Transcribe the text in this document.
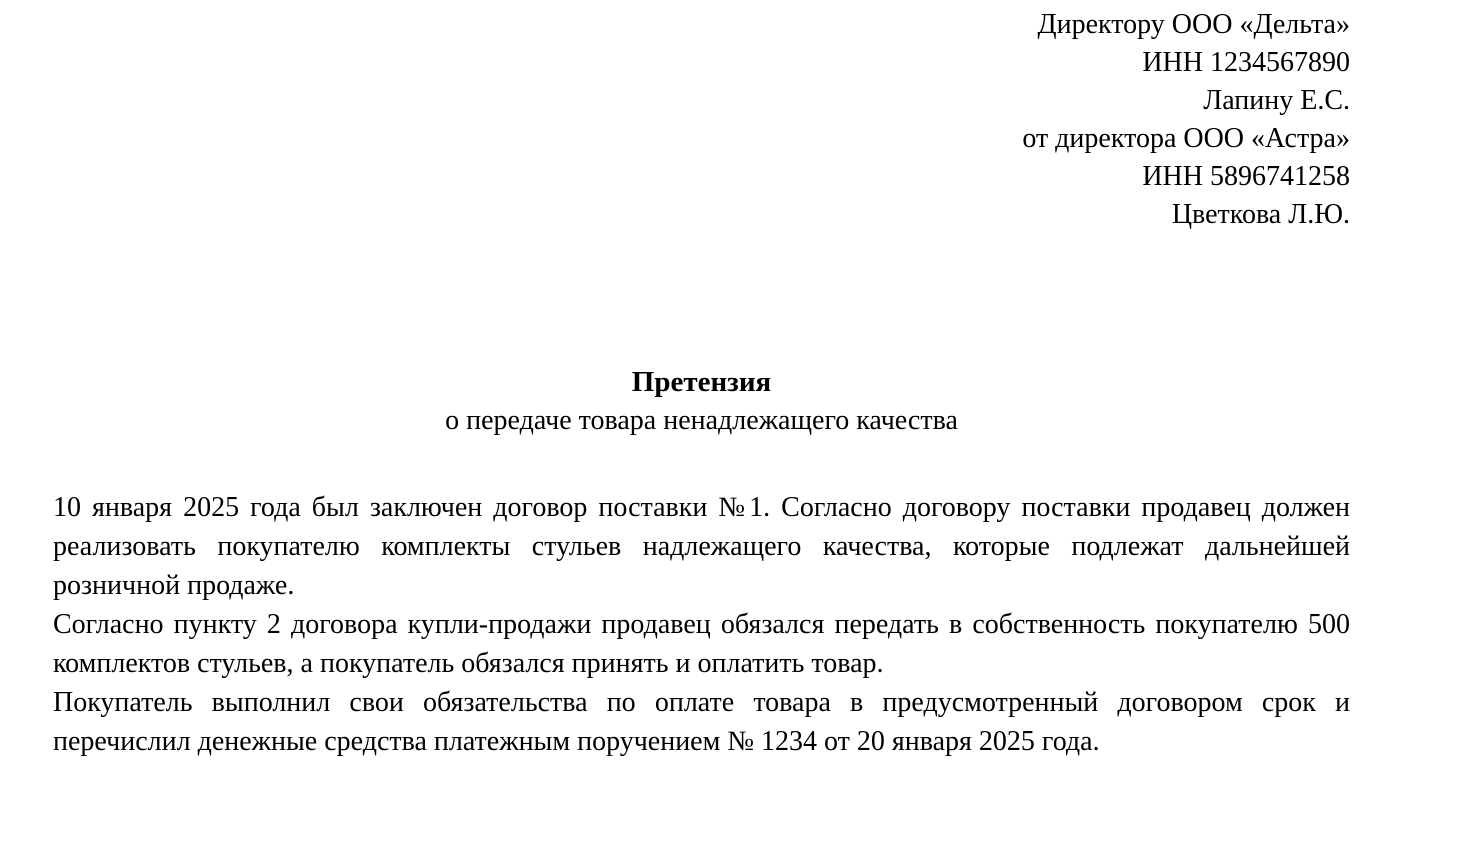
Директору ООО «Дельта»
ИНН 1234567890
Лапину Е.С.
от директора ООО «Астра»
ИНН 5896741258
Цветкова Л.Ю.
Претензия
о передаче товара ненадлежащего качества

10 января 2025 года был заключен договор поставки №1. Согласно договору поставки продавец должен реализовать покупателю комплекты стульев надлежащего качества, которые подлежат дальнейшей розничной продаже.

Согласно пункту 2 договора купли-продажи продавец обязался передать в собственность покупателю 500 комплектов стульев, а покупатель обязался принять и оплатить товар.

Покупатель выполнил свои обязательства по оплате товара в предусмотренный договором срок и перечислил денежные средства платежным поручением № 1234 от 20 января 2025 года.
